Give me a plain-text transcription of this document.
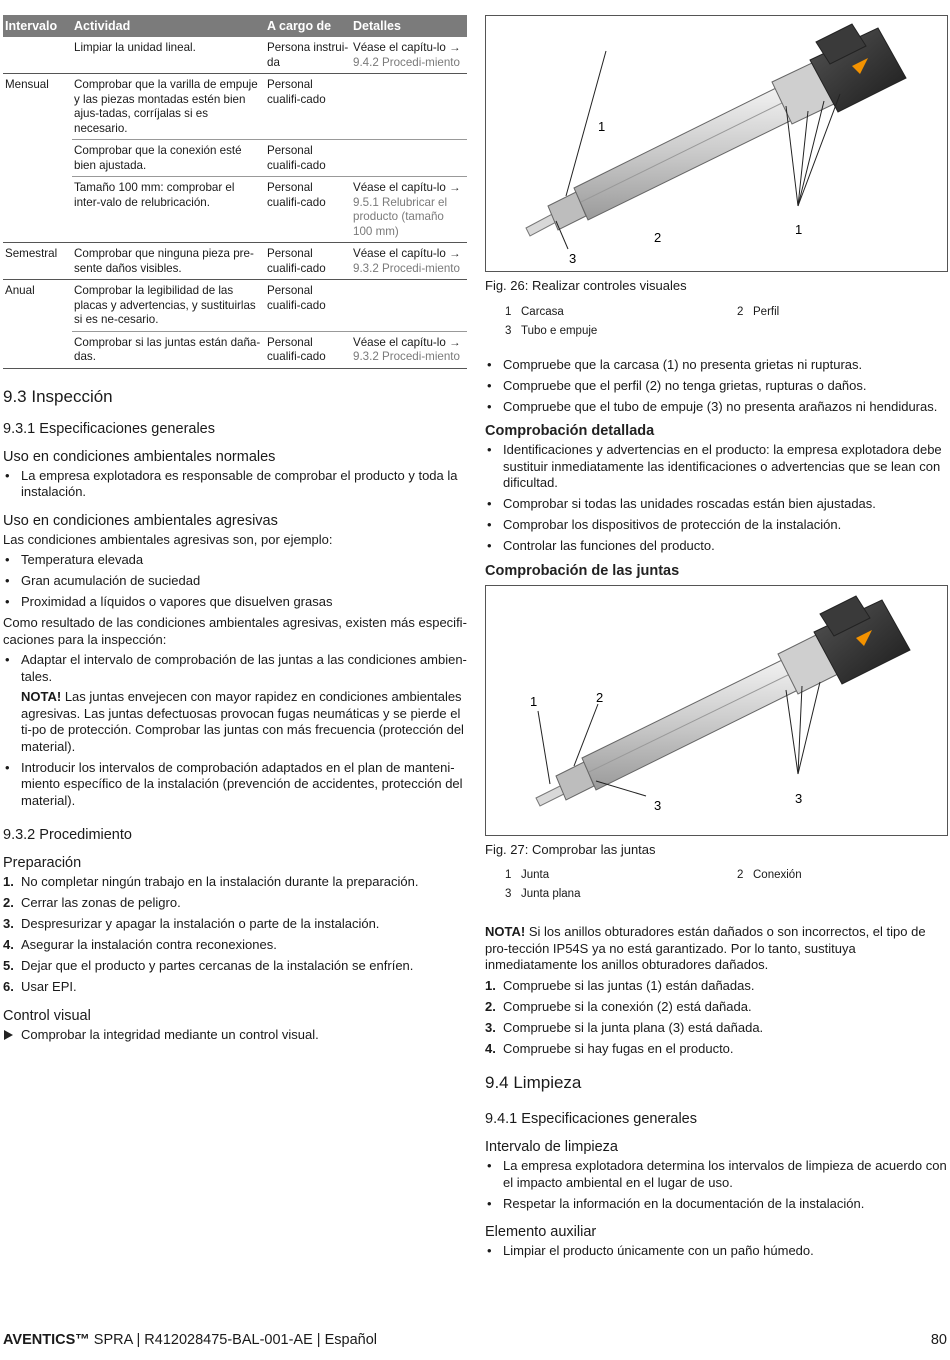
Intervalo	Actividad	A cargo de	Detalles
	Limpiar la unidad lineal.	Persona instrui-da	Véase el capítu-lo → 9.4.2 Procedi-miento
Mensual	Comprobar que la varilla de empuje y las piezas montadas estén bien ajus-tadas, corríjalas si es necesario.	Personal cualifi-cado	
	Comprobar que la conexión esté bien ajustada.	Personal cualifi-cado	
	Tamaño 100 mm: comprobar el inter-valo de relubricación.	Personal cualifi-cado	Véase el capítu-lo → 9.5.1 Relubricar el producto (tamaño 100 mm)
Semestral	Comprobar que ninguna pieza pre-sente daños visibles.	Personal cualifi-cado	Véase el capítu-lo → 9.3.2 Procedi-miento
Anual	Comprobar la legibilidad de las placas y advertencias, y sustituirlas si es ne-cesario.	Personal cualifi-cado	
	Comprobar si las juntas están daña-das.	Personal cualifi-cado	Véase el capítu-lo → 9.3.2 Procedi-miento
9.3 Inspección
9.3.1 Especificaciones generales
Uso en condiciones ambientales normales
• La empresa explotadora es responsable de comprobar el producto y toda la instalación.
Uso en condiciones ambientales agresivas

Las condiciones ambientales agresivas son, por ejemplo:

• Temperatura elevada
• Gran acumulación de suciedad
• Proximidad a líquidos o vapores que disuelven grasas

Como resultado de las condiciones ambientales agresivas, existen más especifi-caciones para la inspección:

• Adaptar el intervalo de comprobación de las juntas a las condiciones ambien-tales.

NOTA! Las juntas envejecen con mayor rapidez en condiciones ambientales agresivas. Las juntas defectuosas provocan fugas neumáticas y se pierde el ti-po de protección. Comprobar las juntas con más frecuencia (protección del material).

• Introducir los intervalos de comprobación adaptados en el plan de manteni-miento específico de la instalación (prevención de accidentes, protección del material).
9.3.2 Procedimiento
Preparación
1. No completar ningún trabajo en la instalación durante la preparación.
2. Cerrar las zonas de peligro.
3. Despresurizar y apagar la instalación o parte de la instalación.
4. Asegurar la instalación contra reconexiones.
5. Dejar que el producto y partes cercanas de la instalación se enfríen.
6. Usar EPI.
Control visual
Comprobar la integridad mediante un control visual.
1
1
2
3

Fig. 26: Realizar controles visuales

1 Carcasa	2 Perfil
3 Tubo e empuje
• Compruebe que la carcasa (1) no presenta grietas ni rupturas.
• Compruebe que el perfil (2) no tenga grietas, rupturas o daños.
• Compruebe que el tubo de empuje (3) no presenta arañazos ni hendiduras.
Comprobación detallada
• Identificaciones y advertencias en el producto: la empresa explotadora debe sustituir inmediatamente las identificaciones o advertencias que se lean con dificultad.
• Comprobar si todas las unidades roscadas están bien ajustadas.
• Comprobar los dispositivos de protección de la instalación.
• Controlar las funciones del producto.
Comprobación de las juntas
1	2
3	3

Fig. 27: Comprobar las juntas

1 Junta	2 Conexión
3 Junta plana

NOTA! Si los anillos obturadores están dañados o son incorrectos, el tipo de pro-tección IP54S ya no está garantizado. Por lo tanto, sustituya inmediatamente los anillos obturadores dañados.

1. Compruebe si las juntas (1) están dañadas.
2. Compruebe si la conexión (2) está dañada.
3. Compruebe si la junta plana (3) está dañada.
4. Compruebe si hay fugas en el producto.
9.4 Limpieza
9.4.1 Especificaciones generales
Intervalo de limpieza
• La empresa explotadora determina los intervalos de limpieza de acuerdo con el impacto ambiental en el lugar de uso.
• Respetar la información en la documentación de la instalación.
Elemento auxiliar
• Limpiar el producto únicamente con un paño húmedo.
AVENTICS™ SPRA | R412028475-BAL-001-AE | Español	80
